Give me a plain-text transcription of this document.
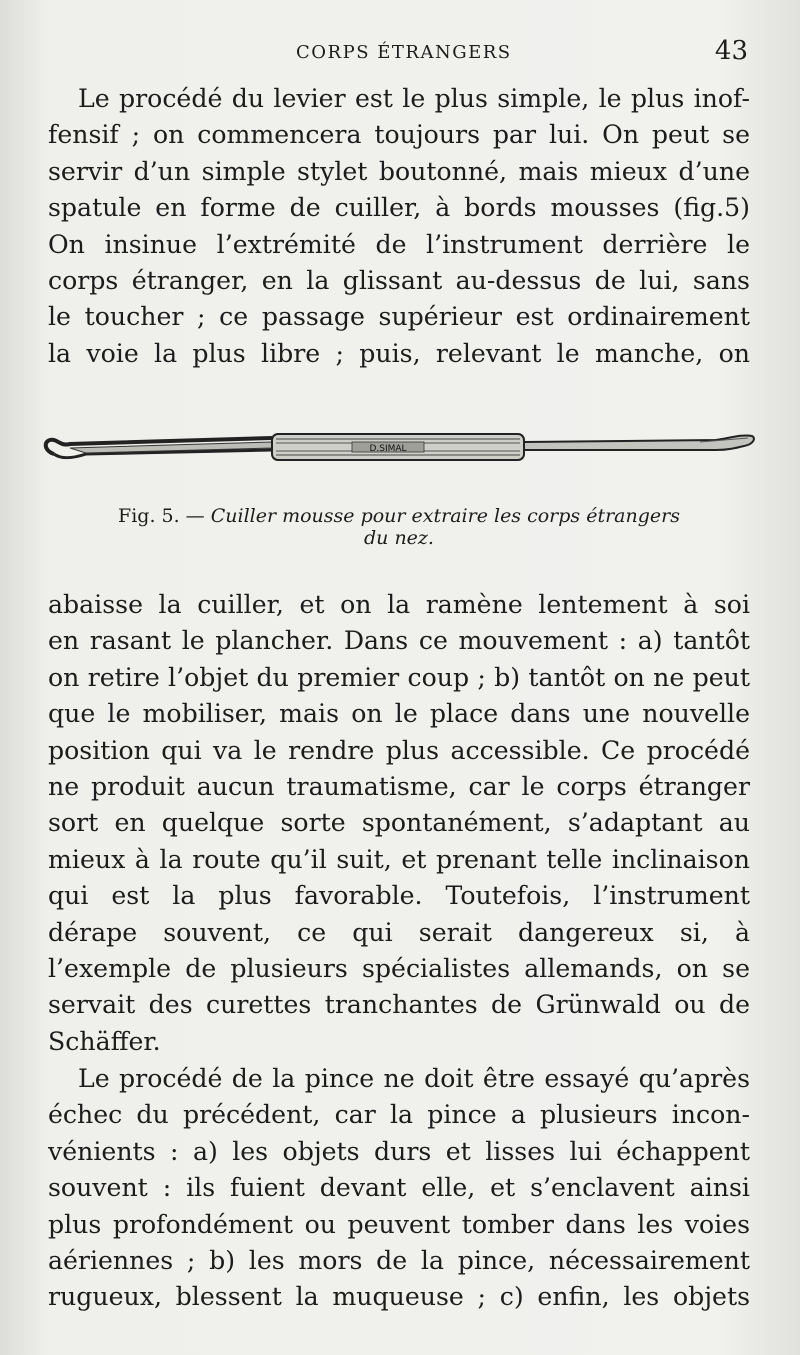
CORPS ÉTRANGERS	43
Le procédé du levier est le plus simple, le plus inof-
fensif ; on commencera toujours par lui. On peut se
servir d’un simple stylet boutonné, mais mieux d’une
spatule en forme de cuiller, à bords mousses (fig.5)
On insinue l’extrémité de l’instrument derrière le
corps étranger, en la glissant au-dessus de lui, sans
le toucher ; ce passage supérieur est ordinairement
la voie la plus libre ; puis, relevant le manche, on
D.SIMAL
Fig. 5. — Cuiller mousse pour extraire les corps étrangers
du nez.
abaisse la cuiller, et on la ramène lentement à soi
en rasant le plancher. Dans ce mouvement : a) tantôt
on retire l’objet du premier coup ; b) tantôt on ne peut
que le mobiliser, mais on le place dans une nouvelle
position qui va le rendre plus accessible. Ce procédé
ne produit aucun traumatisme, car le corps étranger
sort en quelque sorte spontanément, s’adaptant au
mieux à la route qu’il suit, et prenant telle inclinaison
qui est la plus favorable. Toutefois, l’instrument
dérape souvent, ce qui serait dangereux si, à
l’exemple de plusieurs spécialistes allemands, on se
servait des curettes tranchantes de Grünwald ou de
Schäffer.
Le procédé de la pince ne doit être essayé qu’après
échec du précédent, car la pince a plusieurs incon-
vénients : a) les objets durs et lisses lui échappent
souvent : ils fuient devant elle, et s’enclavent ainsi
plus profondément ou peuvent tomber dans les voies
aériennes ; b) les mors de la pince, nécessairement
rugueux, blessent la muqueuse ; c) enfin, les objets
